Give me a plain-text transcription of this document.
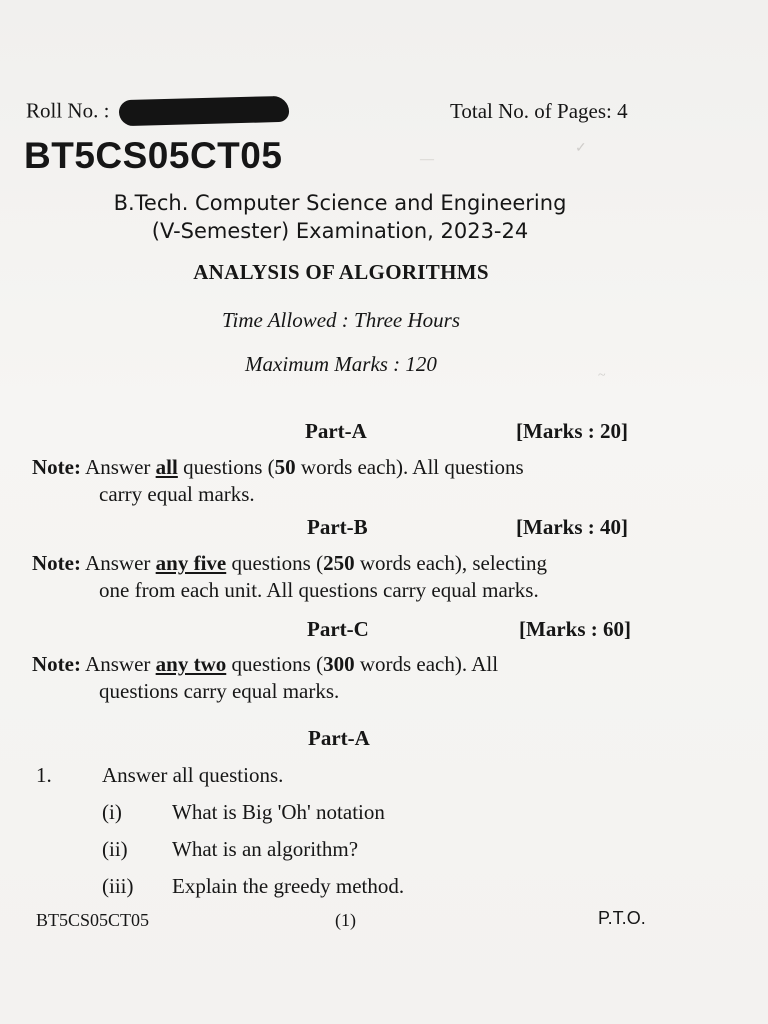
—
✓
~
Roll No. :	Total No. of Pages: 4
BT5CS05CT05
B.Tech. Computer Science and Engineering
(V-Semester) Examination, 2023-24
ANALYSIS OF ALGORITHMS
Time Allowed : Three Hours
Maximum Marks : 120
Part-A	[Marks : 20]
Note: Answer all questions (50 words each). All questions
carry equal marks.
Part-B	[Marks : 40]
Note: Answer any five questions (250 words each), selecting
one from each unit. All questions carry equal marks.
Part-C	[Marks : 60]
Note: Answer any two questions (300 words each). All
questions carry equal marks.
Part-A
1. Answer all questions.
(i) What is Big 'Oh' notation
(ii) What is an algorithm?
(iii) Explain the greedy method.
BT5CS05CT05	(1)	P.T.O.
